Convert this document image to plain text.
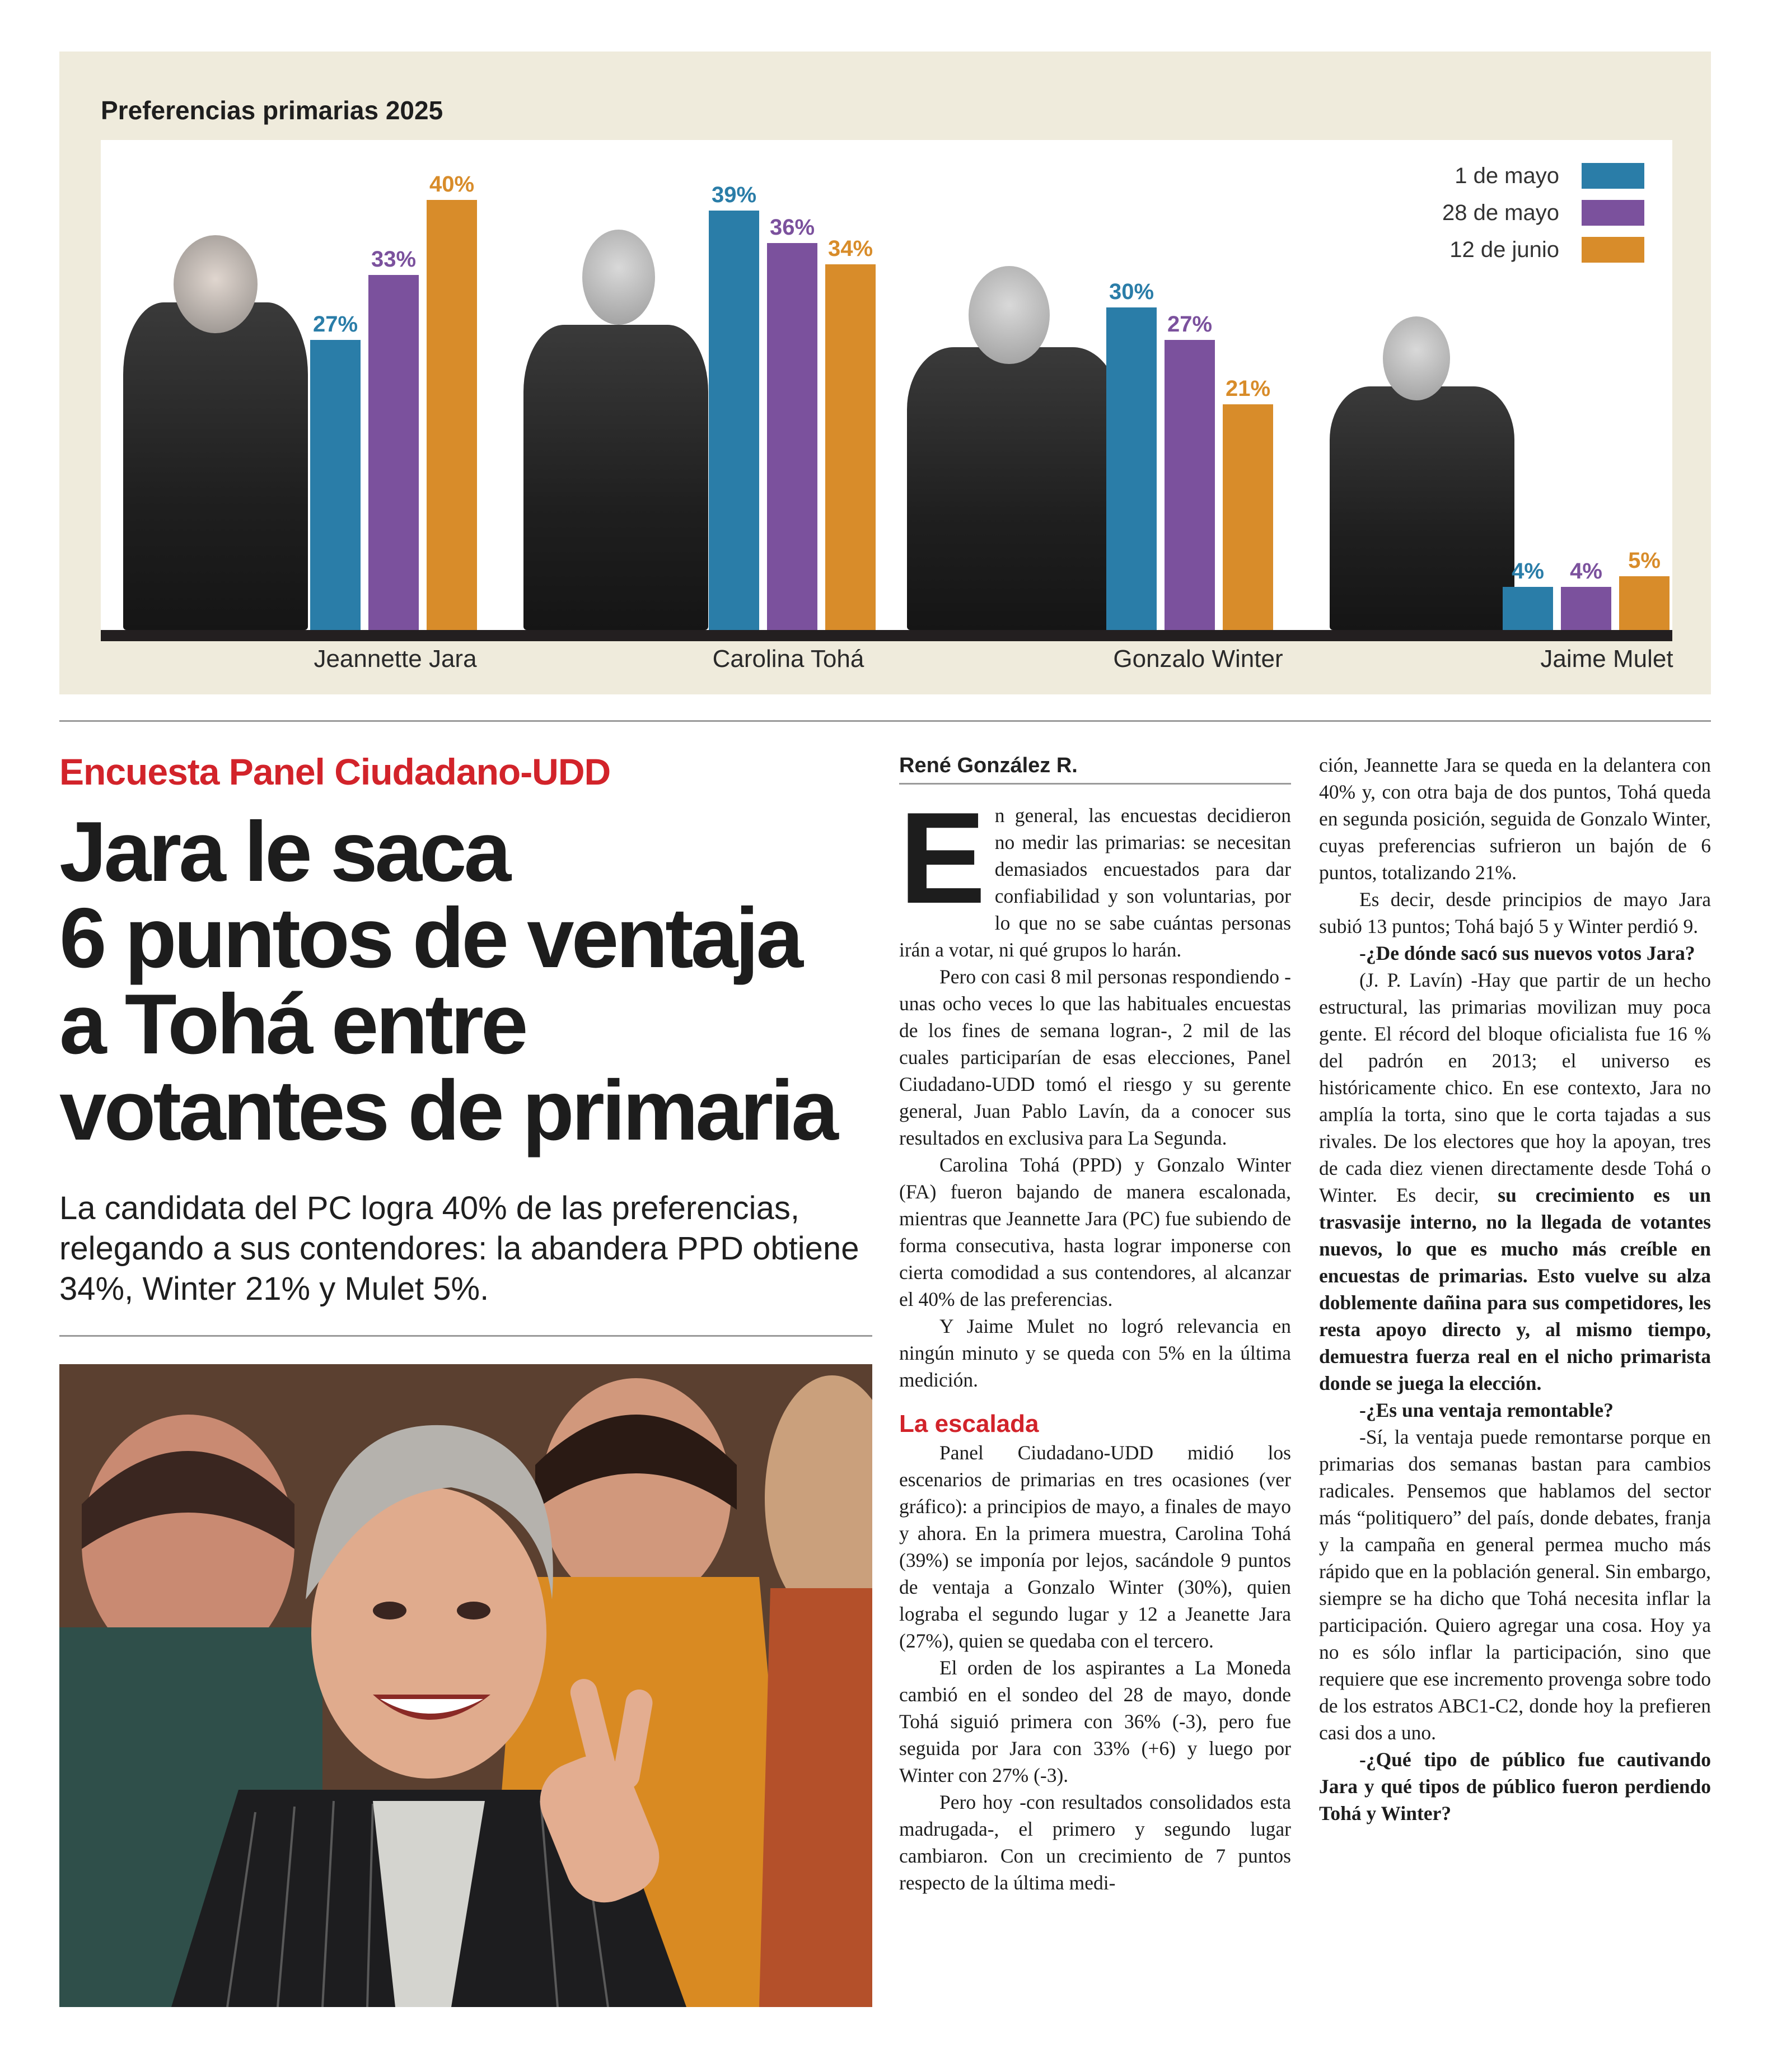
Preferencias primarias 2025
27%
33%
40%	39%
36%
34%
30%
27%
21%
4%	4%	5%
1 de mayo
28 de mayo
12 de junio
Jeannette Jara	Carolina Tohá	Gonzalo Winter	Jaime Mulet
Encuesta Panel Ciudadano-UDD
Jara le saca
6 puntos de ventaja
a Tohá entre
votantes de primaria
La candidata del PC logra 40% de las preferencias, relegando a sus contendores: la abandera PPD obtiene 34%, Winter 21% y Mulet 5%.
René González R.
E n general, las encuestas decidieron no medir las primarias: se necesitan demasiados encuestados para dar confiabilidad y son voluntarias, por lo que no se sabe cuántas personas irán a votar, ni qué grupos lo harán.

Pero con casi 8 mil personas respondiendo -unas ocho veces lo que las habituales encuestas de los fines de semana logran-, 2 mil de las cuales participarían de esas elecciones, Panel Ciudadano-UDD tomó el riesgo y su gerente general, Juan Pablo Lavín, da a conocer sus resultados en exclusiva para La Segunda.

Carolina Tohá (PPD) y Gonzalo Winter (FA) fueron bajando de manera escalonada, mientras que Jeannette Jara (PC) fue subiendo de forma consecutiva, hasta lograr imponerse con cierta comodidad a sus contendores, al alcanzar el 40% de las preferencias.

Y Jaime Mulet no logró relevancia en ningún minuto y se queda con 5% en la última medición.

La escalada

Panel Ciudadano-UDD midió los escenarios de primarias en tres ocasiones (ver gráfico): a principios de mayo, a finales de mayo y ahora. En la primera muestra, Carolina Tohá (39%) se imponía por lejos, sacándole 9 puntos de ventaja a Gonzalo Winter (30%), quien lograba el segundo lugar y 12 a Jeanette Jara (27%), quien se quedaba con el tercero.

El orden de los aspirantes a La Moneda cambió en el sondeo del 28 de mayo, donde Tohá siguió primera con 36% (-3), pero fue seguida por Jara con 33% (+6) y luego por Winter con 27% (-3).

Pero hoy -con resultados consolidados esta madrugada-, el primero y segundo lugar cambiaron. Con un crecimiento de 7 puntos respecto de la última medi-

ción, Jeannette Jara se queda en la delantera con 40% y, con otra baja de dos puntos, Tohá queda en segunda posición, seguida de Gonzalo Winter, cuyas preferencias sufrieron un bajón de 6 puntos, totalizando 21%.

Es decir, desde principios de mayo Jara subió 13 puntos; Tohá bajó 5 y Winter perdió 9.

-¿De dónde sacó sus nuevos votos Jara?

(J. P. Lavín) -Hay que partir de un hecho estructural, las primarias movilizan muy poca gente. El récord del bloque oficialista fue 16 % del padrón en 2013; el universo es históricamente chico. En ese contexto, Jara no amplía la torta, sino que le corta tajadas a sus rivales. De los electores que hoy la apoyan, tres de cada diez vienen directamente desde Tohá o Winter. Es decir, su crecimiento es un trasvasije interno, no la llegada de votantes nuevos, lo que es mucho más creíble en encuestas de primarias. Esto vuelve su alza doblemente dañina para sus competidores, les resta apoyo directo y, al mismo tiempo, demuestra fuerza real en el nicho primarista donde se juega la elección.

-¿Es una ventaja remontable?

-Sí, la ventaja puede remontarse porque en primarias dos semanas bastan para cambios radicales. Pensemos que hablamos del sector más “politiquero” del país, donde debates, franja y la campaña en general permea mucho más rápido que en la población general. Sin embargo, siempre se ha dicho que Tohá necesita inflar la participación. Quiero agregar una cosa. Hoy ya no es sólo inflar la participación, sino que requiere que ese incremento provenga sobre todo de los estratos ABC1-C2, donde hoy la prefieren casi dos a uno.

-¿Qué tipo de público fue cautivando Jara y qué tipos de público fueron perdiendo Tohá y Winter?
